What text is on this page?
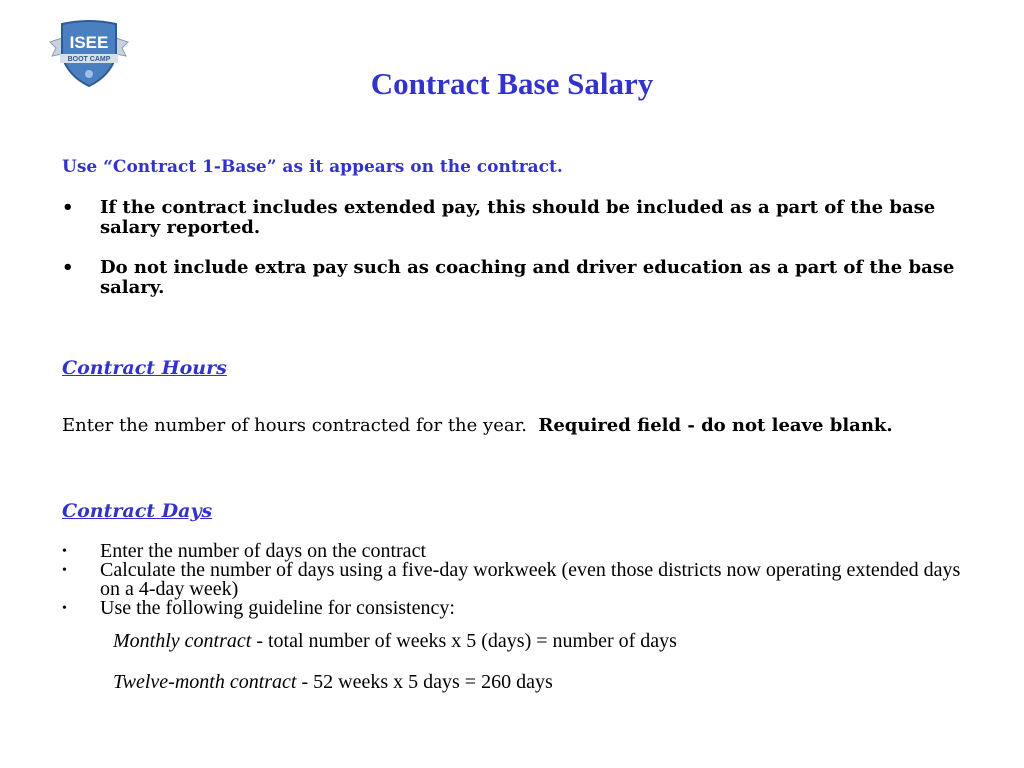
ISEE
BOOT CAMP
Contract Base Salary
Use “Contract 1-Base” as it appears on the contract.
• If the contract includes extended pay, this should be included as a part of the base salary reported.
• Do not include extra pay such as coaching and driver education as a part of the base salary.
Contract Hours
Enter the number of hours contracted for the year. Required field - do not leave blank.
Contract Days
• Enter the number of days on the contract
• Calculate the number of days using a five-day workweek (even those districts now operating extended days on a 4-day week)
• Use the following guideline for consistency:
Monthly contract - total number of weeks x 5 (days) = number of days
Twelve-month contract - 52 weeks x 5 days = 260 days
